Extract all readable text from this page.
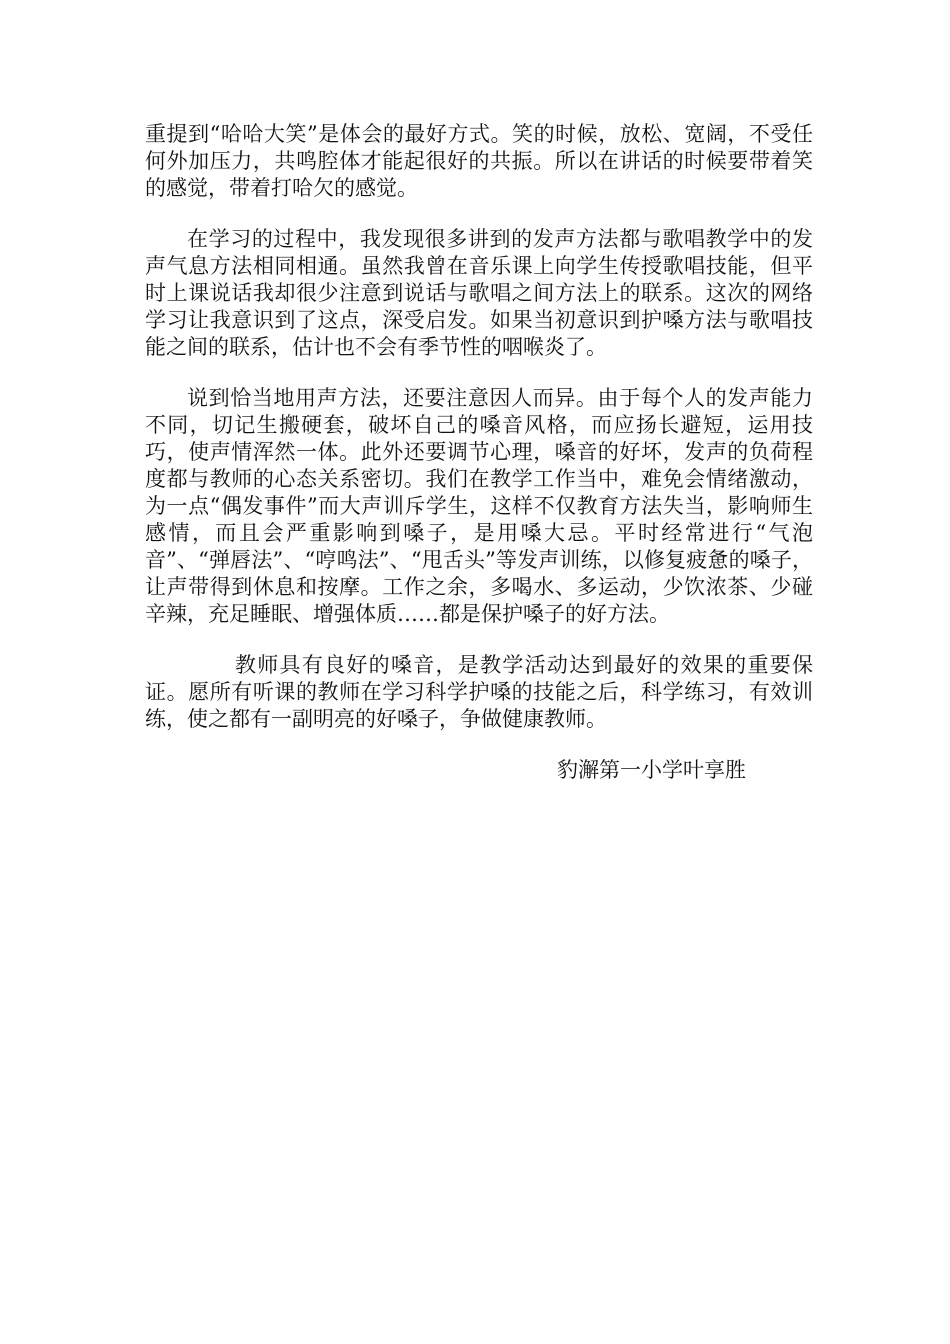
重提到“哈哈大笑”是体会的最好方式。笑的时候，放松、宽阔，不受任何外加压力，共鸣腔体才能起很好的共振。所以在讲话的时候要带着笑的感觉，带着打哈欠的感觉。

在学习的过程中，我发现很多讲到的发声方法都与歌唱教学中的发声气息方法相同相通。虽然我曾在音乐课上向学生传授歌唱技能，但平时上课说话我却很少注意到说话与歌唱之间方法上的联系。这次的网络学习让我意识到了这点，深受启发。如果当初意识到护嗓方法与歌唱技能之间的联系，估计也不会有季节性的咽喉炎了。

说到恰当地用声方法，还要注意因人而异。由于每个人的发声能力不同，切记生搬硬套，破坏自己的嗓音风格，而应扬长避短，运用技巧，使声情浑然一体。此外还要调节心理，嗓音的好坏，发声的负荷程度都与教师的心态关系密切。我们在教学工作当中，难免会情绪激动，为一点“偶发事件”而大声训斥学生，这样不仅教育方法失当，影响师生感情，而且会严重影响到嗓子，是用嗓大忌。平时经常进行“气泡音”、“弹唇法”、“哼鸣法”、“甩舌头”等发声训练，以修复疲惫的嗓子，让声带得到休息和按摩。工作之余，多喝水、多运动，少饮浓茶、少碰辛辣，充足睡眠、增强体质……都是保护嗓子的好方法。

教师具有良好的嗓音，是教学活动达到最好的效果的重要保证。愿所有听课的教师在学习科学护嗓的技能之后，科学练习，有效训练，使之都有一副明亮的好嗓子，争做健康教师。

豹澥第一小学叶享胜
